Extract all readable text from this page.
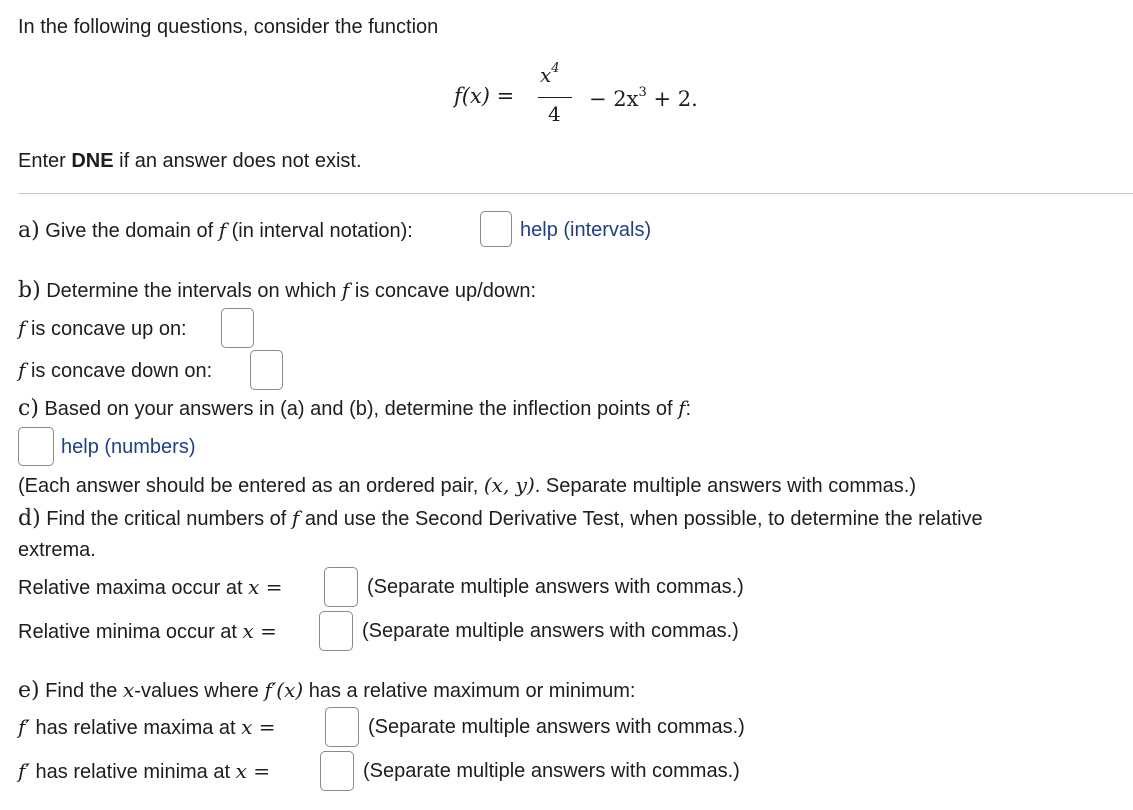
In the following questions, consider the function
f(x) =
$x^4$
4
− $2x^3 + 2$.
Enter DNE if an answer does not exist.
a) Give the domain of f (in interval notation):	help (intervals)
b) Determine the intervals on which f is concave up/down:
f is concave up on:
f is concave down on:
c) Based on your answers in (a) and (b), determine the inflection points of f:
help (numbers)
(Each answer should be entered as an ordered pair, (x, y). Separate multiple answers with commas.)
d) Find the critical numbers of f and use the Second Derivative Test, when possible, to determine the relative
extrema.
Relative maxima occur at x =	(Separate multiple answers with commas.)
Relative minima occur at x =	(Separate multiple answers with commas.)
e) Find the x-values where f′(x) has a relative maximum or minimum:
f′ has relative maxima at x =	(Separate multiple answers with commas.)
f′ has relative minima at x =	(Separate multiple answers with commas.)
